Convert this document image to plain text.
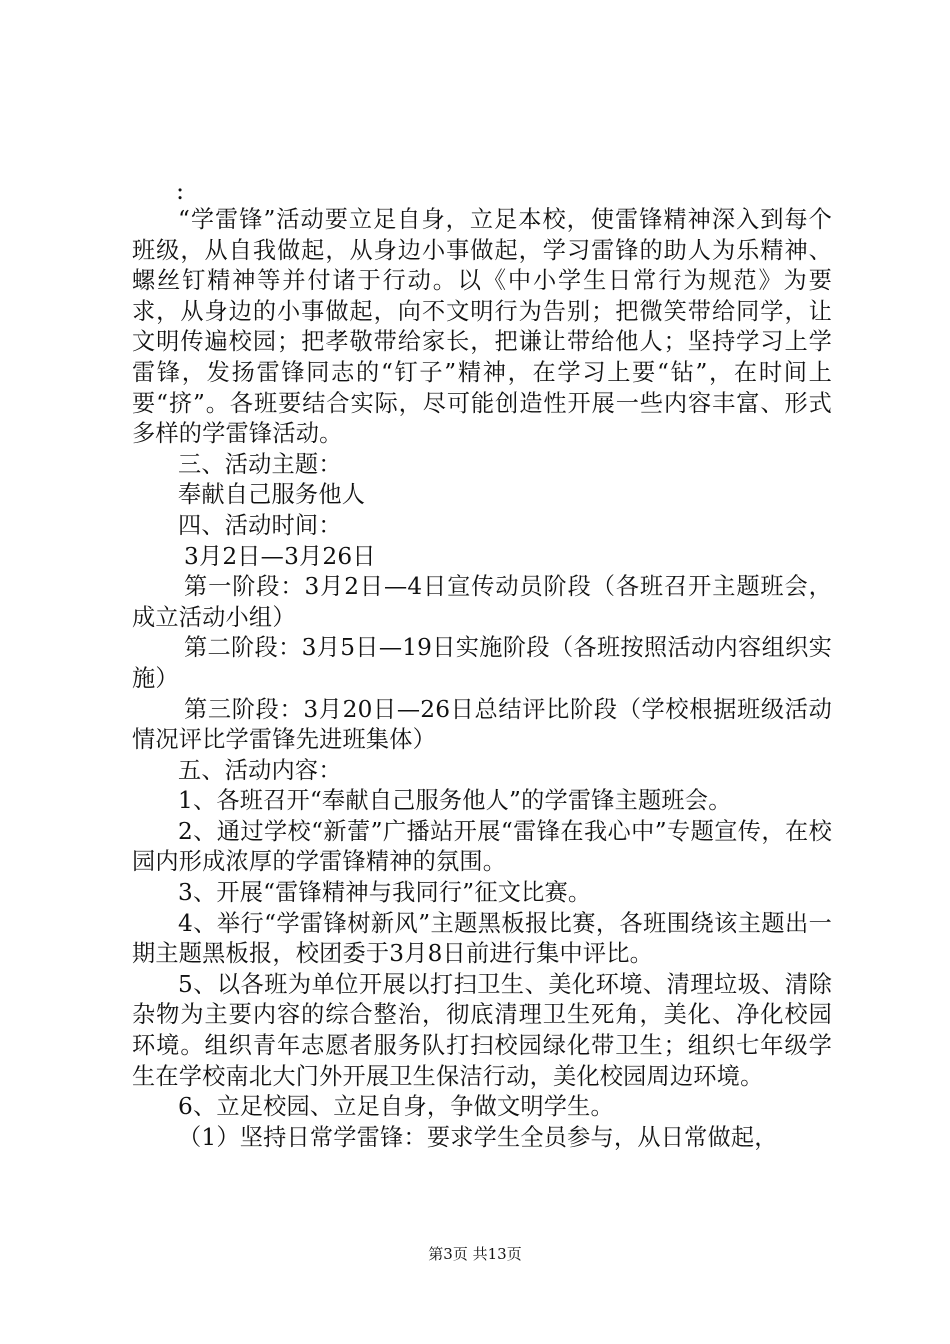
:

“学雷锋”活动要立足自身，立足本校，使雷锋精神深入到每个班级，从自我做起，从身边小事做起，学习雷锋的助人为乐精神、螺丝钉精神等并付诸于行动。以《中小学生日常行为规范》为要求，从身边的小事做起，向不文明行为告别；把微笑带给同学，让文明传遍校园；把孝敬带给家长，把谦让带给他人；坚持学习上学雷锋，发扬雷锋同志的“钉子”精神，在学习上要“钻”，在时间上要“挤”。各班要结合实际，尽可能创造性开展一些内容丰富、形式多样的学雷锋活动。

三、活动主题：

奉献自己服务他人

四、活动时间：

3月2日—3月26日

第一阶段：3月2日—4日宣传动员阶段（各班召开主题班会，成立活动小组）

第二阶段：3月5日—19日实施阶段（各班按照活动内容组织实施）

第三阶段：3月20日—26日总结评比阶段（学校根据班级活动情况评比学雷锋先进班集体）

五、活动内容：

1、各班召开“奉献自己服务他人”的学雷锋主题班会。

2、通过学校“新蕾”广播站开展“雷锋在我心中”专题宣传，在校园内形成浓厚的学雷锋精神的氛围。

3、开展“雷锋精神与我同行”征文比赛。

4、举行“学雷锋树新风”主题黑板报比赛，各班围绕该主题出一期主题黑板报，校团委于3月8日前进行集中评比。

5、以各班为单位开展以打扫卫生、美化环境、清理垃圾、清除杂物为主要内容的综合整治，彻底清理卫生死角，美化、净化校园环境。组织青年志愿者服务队打扫校园绿化带卫生；组织七年级学生在学校南北大门外开展卫生保洁行动，美化校园周边环境。

6、立足校园、立足自身，争做文明学生。

（1）坚持日常学雷锋：要求学生全员参与，从日常做起，

第3页 共13页
